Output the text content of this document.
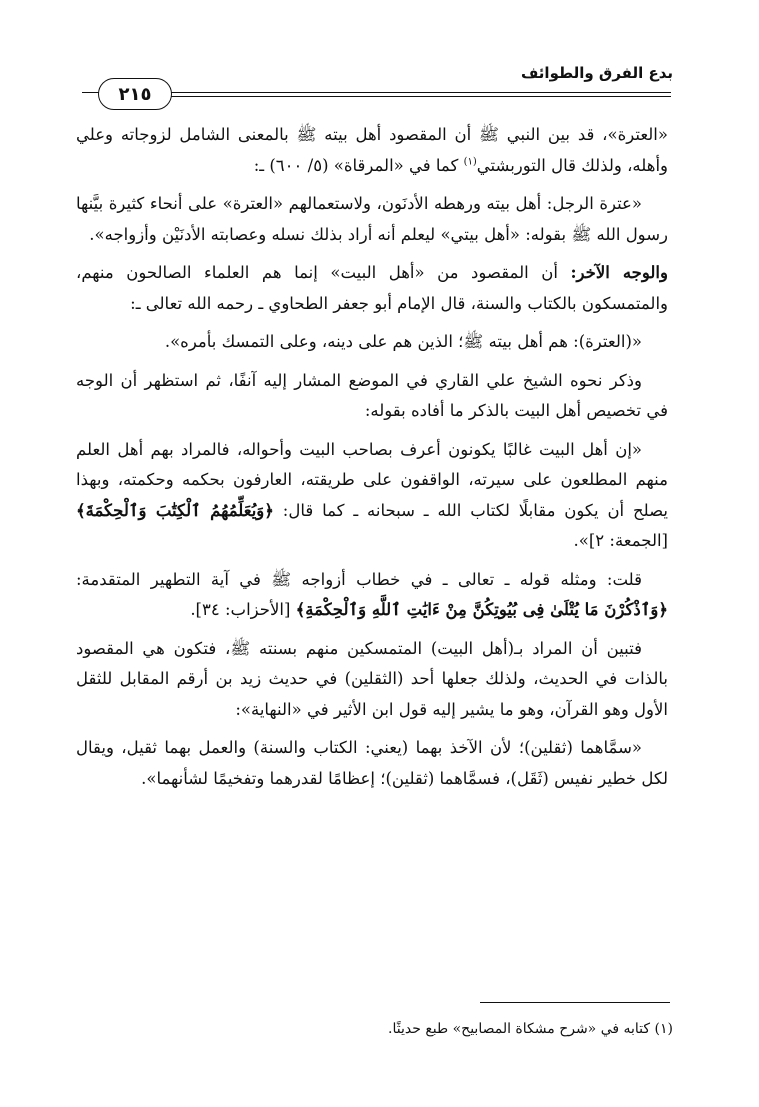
بدع الفرق والطوائف
٢١٥

«العترة»، قد بين النبي ﷺ أن المقصود أهل بيته ﷺ بالمعنى الشامل لزوجاته وعلي وأهله، ولذلك قال التوربشتي$^{(١)}$ كما في «المرقاة» (٥/ ٦٠٠) ـ:

«عترة الرجل: أهل بيته ورهطه الأدنَون، ولاستعمالهم «العترة» على أنحاء كثيرة بيَّنها رسول الله ﷺ بقوله: «أهل بيتي» ليعلم أنه أراد بذلك نسله وعصابته الأدنَيْن وأزواجه».

والوجه الآخر: أن المقصود من «أهل البيت» إنما هم العلماء الصالحون منهم، والمتمسكون بالكتاب والسنة، قال الإمام أبو جعفر الطحاوي ـ رحمه الله تعالى ـ:

«(العترة): هم أهل بيته ﷺ؛ الذين هم على دينه، وعلى التمسك بأمره».

وذكر نحوه الشيخ علي القاري في الموضع المشار إليه آنفًا، ثم استظهر أن الوجه في تخصيص أهل البيت بالذكر ما أفاده بقوله:

«إن أهل البيت غالبًا يكونون أعرف بصاحب البيت وأحواله، فالمراد بهم أهل العلم منهم المطلعون على سيرته، الواقفون على طريقته، العارفون بحكمه وحكمته، وبهذا يصلح أن يكون مقابلًا لكتاب الله ـ سبحانه ـ كما قال: ﴿وَيُعَلِّمُهُمُ ٱلْكِتَٰبَ وَٱلْحِكْمَةَ﴾ [الجمعة: ٢]».

قلت: ومثله قوله ـ تعالى ـ في خطاب أزواجه ﷺ في آية التطهير المتقدمة: ﴿وَٱذْكُرْنَ مَا يُتْلَىٰ فِى بُيُوتِكُنَّ مِنْ ءَايَٰتِ ٱللَّهِ وَٱلْحِكْمَةِ﴾ [الأحزاب: ٣٤].

فتبين أن المراد بـ(أهل البيت) المتمسكين منهم بسنته ﷺ، فتكون هي المقصود بالذات في الحديث، ولذلك جعلها أحد (الثقلين) في حديث زيد بن أرقم المقابل للثقل الأول وهو القرآن، وهو ما يشير إليه قول ابن الأثير في «النهاية»:

«سمَّاهما (ثقلين)؛ لأن الآخذ بهما (يعني: الكتاب والسنة) والعمل بهما ثقيل، ويقال لكل خطير نفيس (ثَقَل)، فسمَّاهما (ثقلين)؛ إعظامًا لقدرهما وتفخيمًا لشأنهما».

(١) كتابه في «شرح مشكاة المصابيح» طبع حديثًا.
